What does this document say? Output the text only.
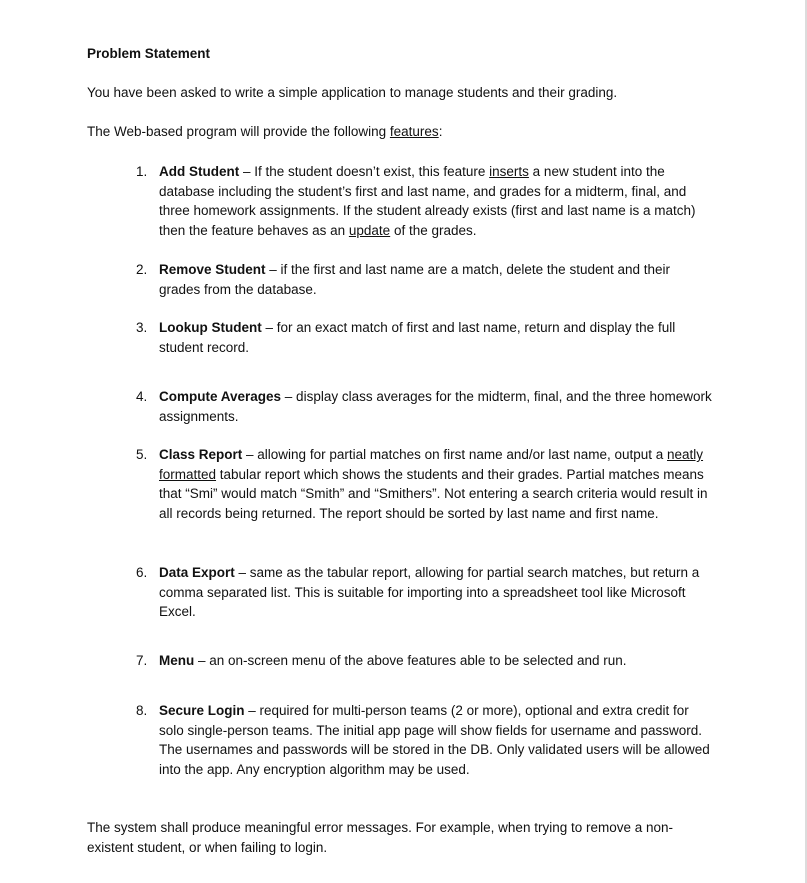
Problem Statement

You have been asked to write a simple application to manage students and their grading.

The Web-based program will provide the following features:

1. Add Student – If the student doesn’t exist, this feature inserts a new student into the database including the student’s first and last name, and grades for a midterm, final, and three homework assignments. If the student already exists (first and last name is a match) then the feature behaves as an update of the grades.
2. Remove Student – if the first and last name are a match, delete the student and their grades from the database.
3. Lookup Student – for an exact match of first and last name, return and display the full student record.
4. Compute Averages – display class averages for the midterm, final, and the three homework assignments.
5. Class Report – allowing for partial matches on first name and/or last name, output a neatly formatted tabular report which shows the students and their grades. Partial matches means that “Smi” would match “Smith” and “Smithers”. Not entering a search criteria would result in all records being returned. The report should be sorted by last name and first name.
6. Data Export – same as the tabular report, allowing for partial search matches, but return a comma separated list. This is suitable for importing into a spreadsheet tool like Microsoft Excel.
7. Menu – an on-screen menu of the above features able to be selected and run.
8. Secure Login – required for multi-person teams (2 or more), optional and extra credit for solo single-person teams. The initial app page will show fields for username and password. The usernames and passwords will be stored in the DB. Only validated users will be allowed into the app. Any encryption algorithm may be used.

The system shall produce meaningful error messages. For example, when trying to remove a non-existent student, or when failing to login.
